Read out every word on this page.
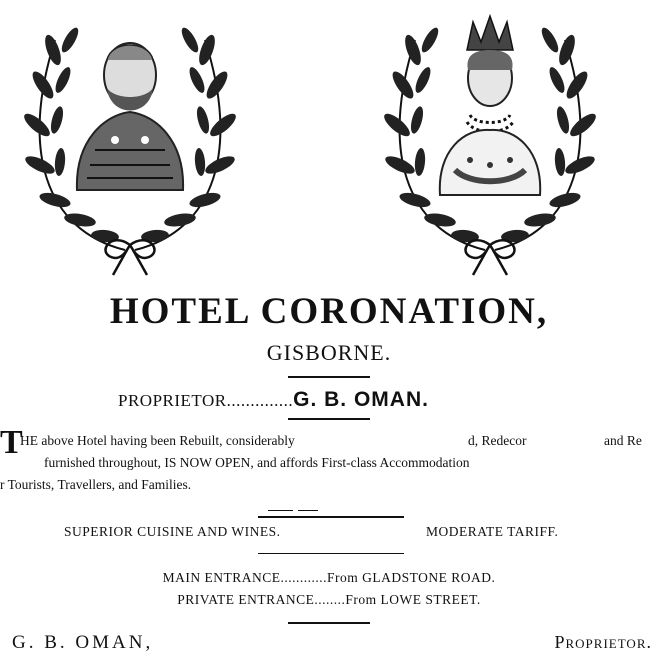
HOTEL CORONATION,
GISBORNE.
PROPRIETOR..............G. B. OMAN.
T
HE above Hotel having been Rebuilt, considerably	d, Redecor	and Re
furnished throughout, IS NOW OPEN, and affords First-class Accommodation
r Tourists, Travellers, and Families.
SUPERIOR CUISINE AND WINES.	MODERATE TARIFF.
MAIN ENTRANCE............From GLADSTONE ROAD.
PRIVATE ENTRANCE........From LOWE STREET.
G. B. OMAN,	Proprietor.
